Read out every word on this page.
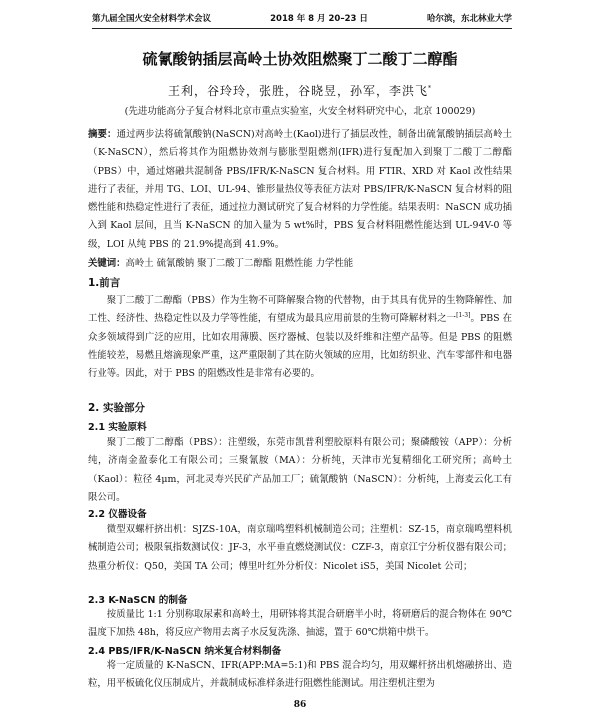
第九届全国火安全材料学术会议	2018 年 8 月 20–23 日	哈尔滨，东北林业大学
硫氰酸钠插层高岭土协效阻燃聚丁二酸丁二醇酯
王利，谷玲玲，张胜，谷晓昱，孙军，李洪飞*
(先进功能高分子复合材料北京市重点实验室，火安全材料研究中心，北京 100029)
摘要：通过两步法将硫氰酸钠(NaSCN)对高岭土(Kaol)进行了插层改性，制备出硫氰酸钠插层高岭土（K-NaSCN），然后将其作为阻燃协效剂与膨胀型阻燃剂(IFR)进行复配加入到聚丁二酸丁二醇酯（PBS）中，通过熔融共混制备 PBS/IFR/K-NaSCN 复合材料。用 FTIR、XRD 对 Kaol 改性结果进行了表征，并用 TG、LOI、UL-94、锥形量热仪等表征方法对 PBS/IFR/K-NaSCN 复合材料的阻燃性能和热稳定性进行了表征，通过拉力测试研究了复合材料的力学性能。结果表明：NaSCN 成功插入到 Kaol 层间，且当 K-NaSCN 的加入量为 5 wt%时，PBS 复合材料阻燃性能达到 UL-94V-0 等级，LOI 从纯 PBS 的 21.9%提高到 41.9%。
关键词：高岭土 硫氰酸钠 聚丁二酸丁二醇酯 阻燃性能 力学性能
1.前言
聚丁二酸丁二醇酯（PBS）作为生物不可降解聚合物的代替物，由于其具有优异的生物降解性、加工性、经济性、热稳定性以及力学等性能，有望成为最具应用前景的生物可降解材料之一[1-3]。PBS 在众多领域得到广泛的应用，比如农用薄膜、医疗器械、包装以及纤维和注塑产品等。但是 PBS 的阻燃性能较差，易燃且熔滴现象严重，这严重限制了其在防火领域的应用，比如纺织业、汽车零部件和电器行业等。因此，对于 PBS 的阻燃改性是非常有必要的。
2. 实验部分
2.1 实验原料
聚丁二酸丁二醇酯（PBS）：注塑级，东莞市凯普利塑胶原料有限公司；聚磷酸铵（APP）：分析纯，济南金盈泰化工有限公司；三聚氰胺（MA）：分析纯，天津市光复精细化工研究所；高岭土（Kaol）：粒径 4μm，河北灵寿兴民矿产品加工厂；硫氰酸钠（NaSCN）：分析纯，上海麦云化工有限公司。
2.2 仪器设备
微型双螺杆挤出机：SJZS-10A，南京瑞鸣塑料机械制造公司；注塑机：SZ-15，南京瑞鸣塑料机械制造公司；极限氧指数测试仪：JF-3，水平垂直燃烧测试仪：CZF-3，南京江宁分析仪器有限公司；热重分析仪：Q50，美国 TA 公司；傅里叶红外分析仪：Nicolet iS5，美国 Nicolet 公司；
2.3 K-NaSCN 的制备
按质量比 1:1 分别称取尿素和高岭土，用研钵将其混合研磨半小时，将研磨后的混合物体在 90℃温度下加热 48h，将反应产物用去离子水反复洗涤、抽滤，置于 60℃烘箱中烘干。
2.4 PBS/IFR/K-NaSCN 纳米复合材料制备
将一定质量的 K-NaSCN、IFR(APP:MA=5:1)和 PBS 混合均匀，用双螺杆挤出机熔融挤出、造粒，用平板硫化仪压制成片，并裁制成标准样条进行阻燃性能测试。用注塑机注塑为
86
